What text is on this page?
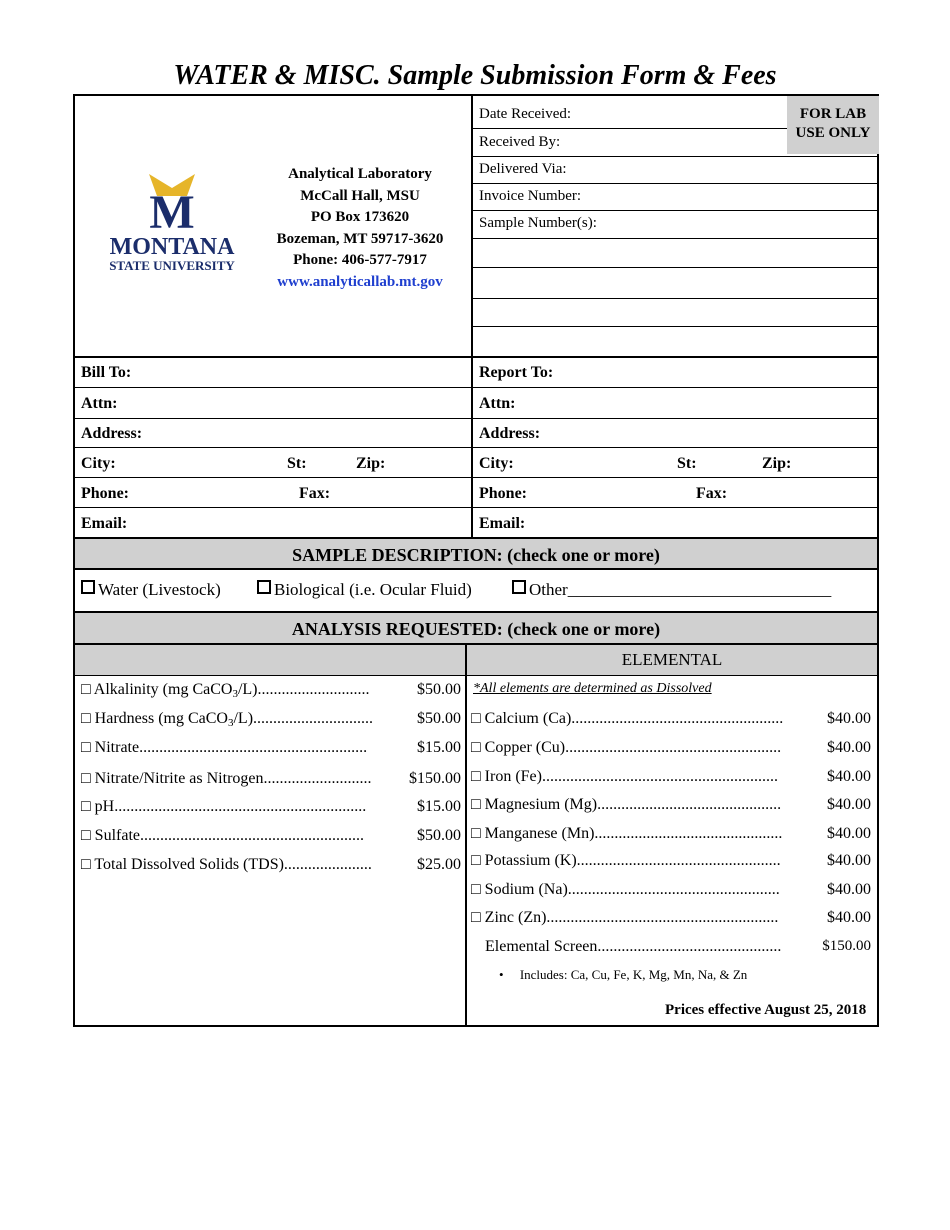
WATER & MISC. Sample Submission Form & Fees
M
MONTANA
STATE UNIVERSITY
Analytical Laboratory
McCall Hall, MSU
PO Box 173620
Bozeman, MT 59717-3620
Phone: 406-577-7917
www.analyticallab.mt.gov
FOR LAB USE ONLY
Date Received:
Received By:
Delivered Via:
Invoice Number:
Sample Number(s):
Bill To:	Report To:
Attn:	Attn:
Address:	Address:
City:	St:	Zip:	City:	St:	Zip:
Phone:	Fax:	Phone:	Fax:
Email:	Email:
SAMPLE DESCRIPTION: (check one or more)
Water (Livestock)	Biological (i.e. Ocular Fluid)	Other_______________________________
ANALYSIS REQUESTED: (check one or more)
ELEMENTAL
□ Alkalinity (mg CaCO$_3$/L)............................	$50.00
□ Hardness (mg CaCO$_3$/L)..............................	$50.00
□ Nitrate.........................................................	$15.00
□ Nitrate/Nitrite as Nitrogen...........................	$150.00
□ pH...............................................................	$15.00
□ Sulfate........................................................	$50.00
□ Total Dissolved Solids (TDS)......................	$25.00
*All elements are determined as Dissolved
□ Calcium (Ca).....................................................	$40.00
□ Copper (Cu)......................................................	$40.00
□ Iron (Fe)...........................................................	$40.00
□ Magnesium (Mg)..............................................	$40.00
□ Manganese (Mn)...............................................	$40.00
□ Potassium (K)...................................................	$40.00
□ Sodium (Na).....................................................	$40.00
□ Zinc (Zn)..........................................................	$40.00
Elemental Screen..............................................	$150.00
• Includes: Ca, Cu, Fe, K, Mg, Mn, Na, & Zn
Prices effective August 25, 2018
